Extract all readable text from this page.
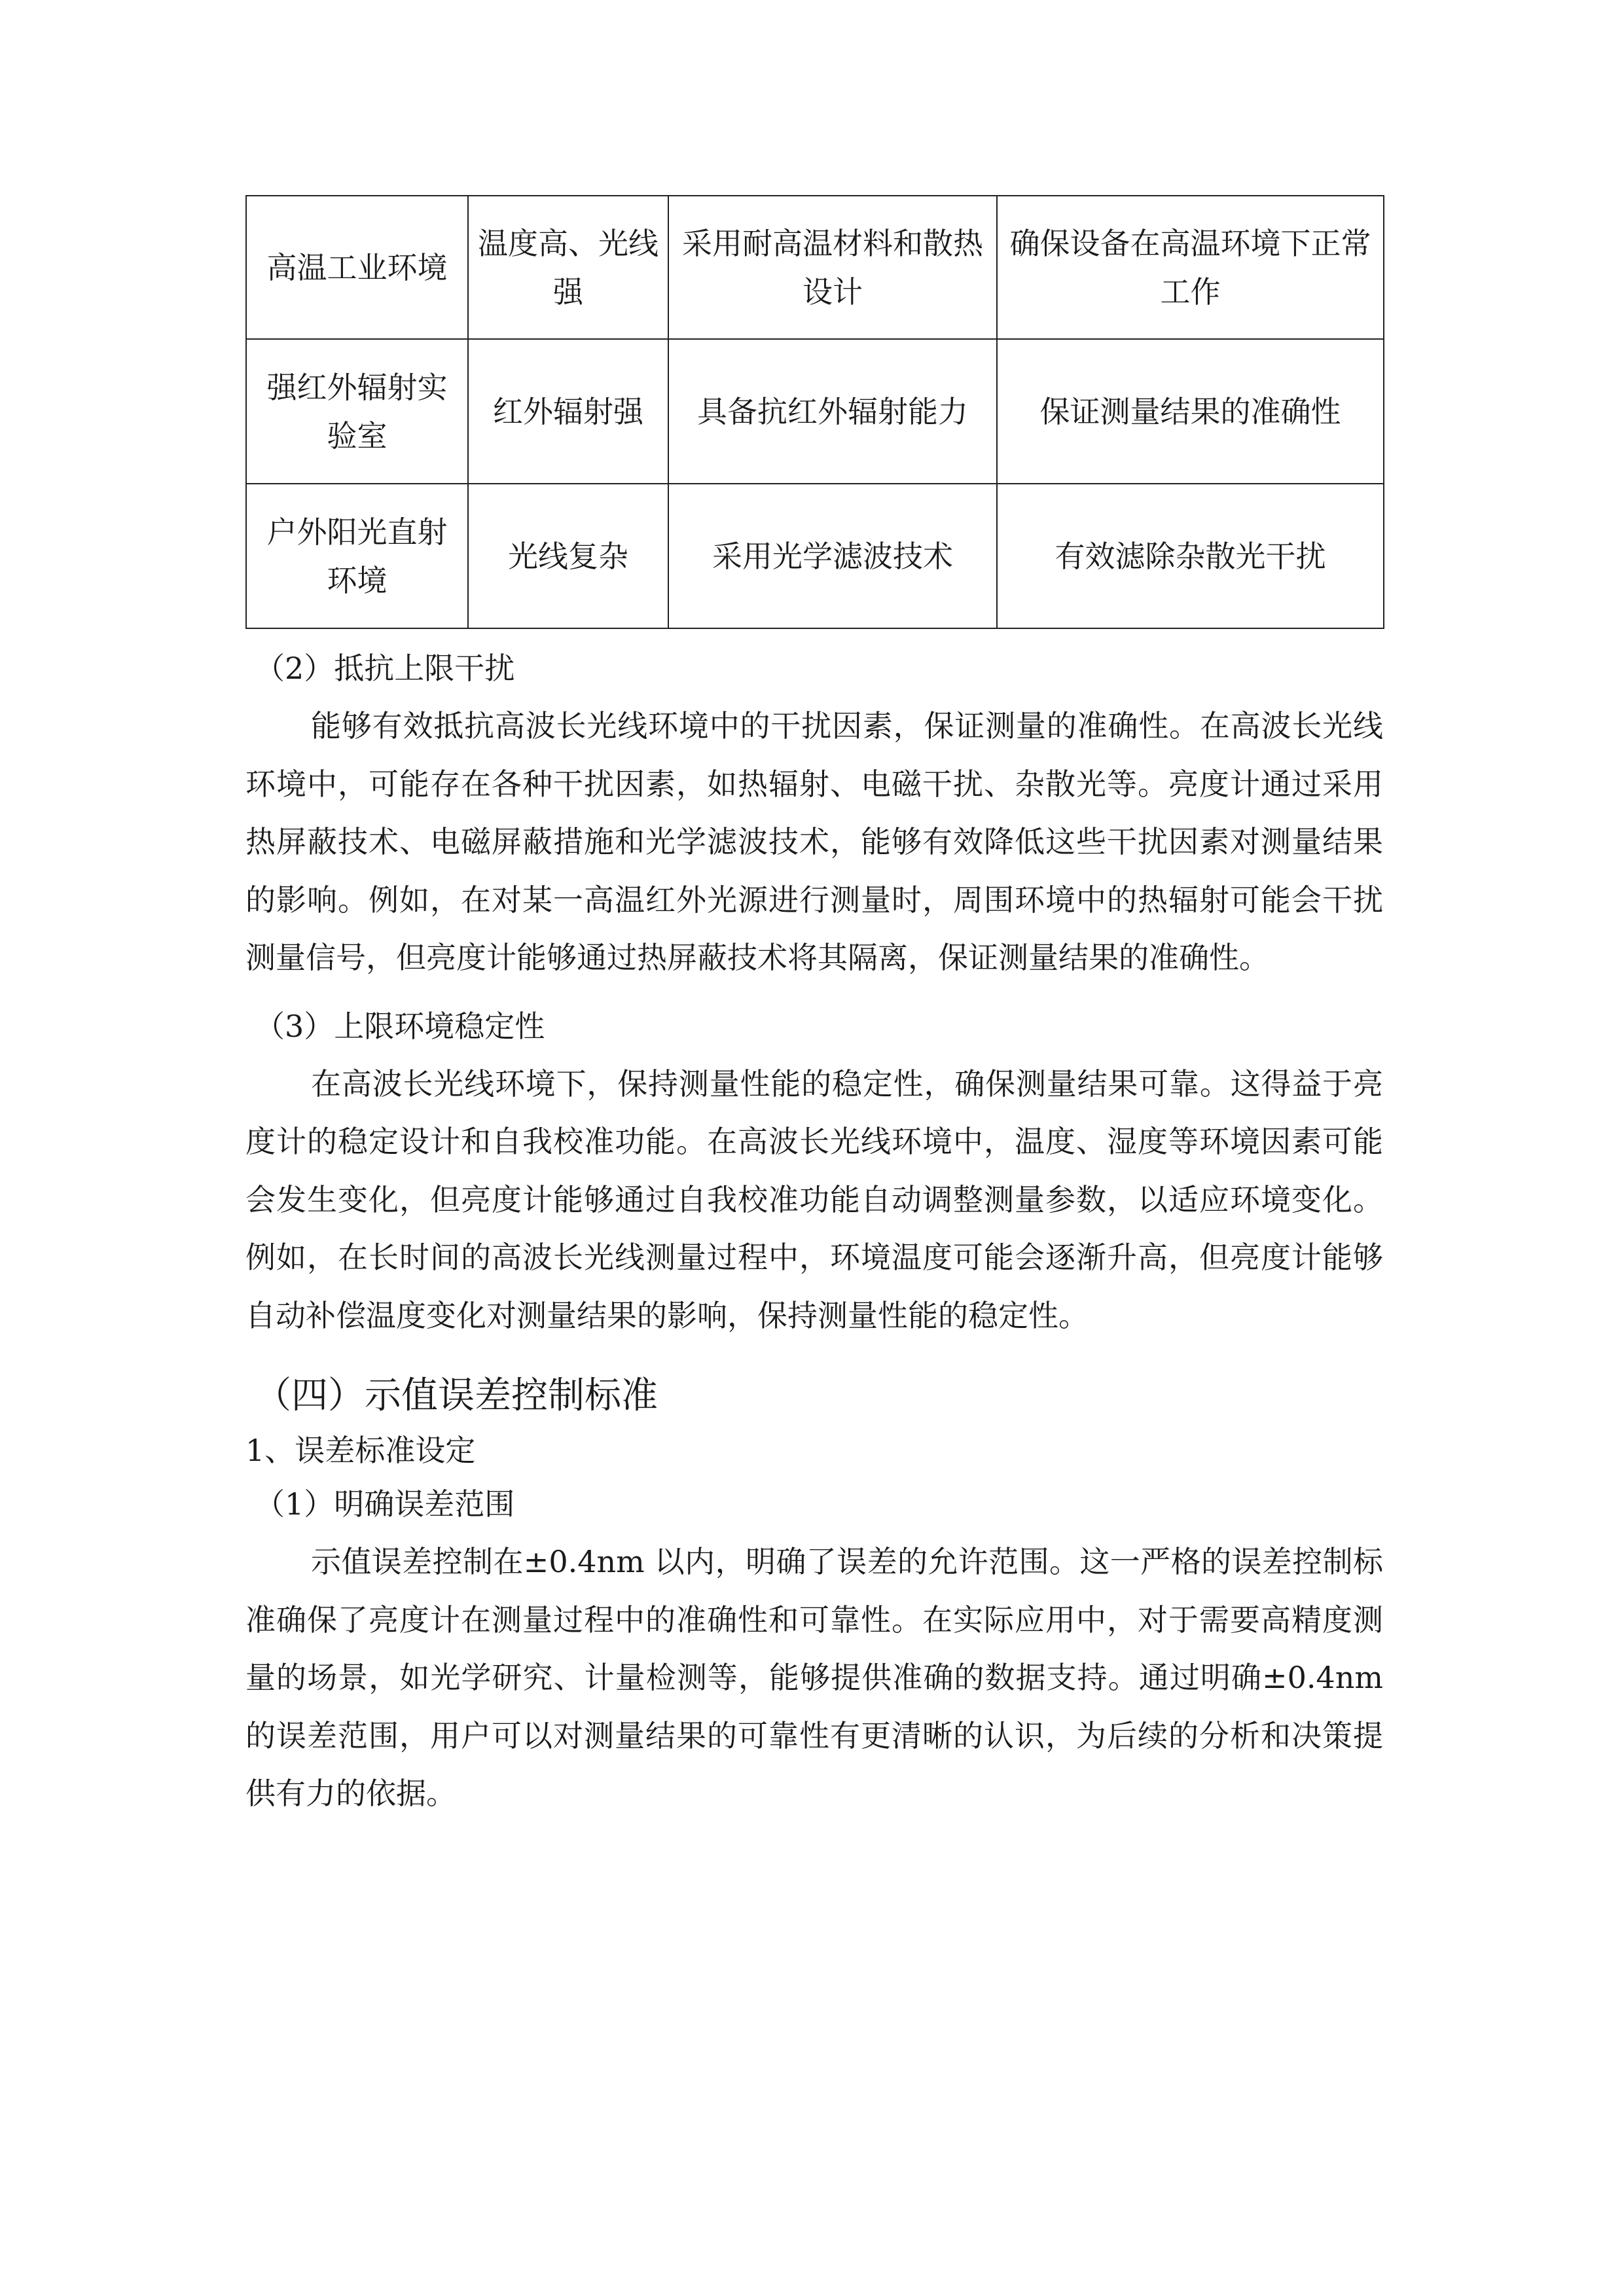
高温工业环境	温度高、光线强	采用耐高温材料和散热设计	确保设备在高温环境下正常工作
强红外辐射实验室	红外辐射强	具备抗红外辐射能力	保证测量结果的准确性
户外阳光直射环境	光线复杂	采用光学滤波技术	有效滤除杂散光干扰
（2）抵抗上限干扰

能够有效抵抗高波长光线环境中的干扰因素，保证测量的准确性。在高波长光线环境中，可能存在各种干扰因素，如热辐射、电磁干扰、杂散光等。亮度计通过采用热屏蔽技术、电磁屏蔽措施和光学滤波技术，能够有效降低这些干扰因素对测量结果的影响。例如，在对某一高温红外光源进行测量时，周围环境中的热辐射可能会干扰测量信号，但亮度计能够通过热屏蔽技术将其隔离，保证测量结果的准确性。

（3）上限环境稳定性

在高波长光线环境下，保持测量性能的稳定性，确保测量结果可靠。这得益于亮度计的稳定设计和自我校准功能。在高波长光线环境中，温度、湿度等环境因素可能会发生变化，但亮度计能够通过自我校准功能自动调整测量参数，以适应环境变化。例如，在长时间的高波长光线测量过程中，环境温度可能会逐渐升高，但亮度计能够自动补偿温度变化对测量结果的影响，保持测量性能的稳定性。

（四）示值误差控制标准
1、误差标准设定
（1）明确误差范围

示值误差控制在±0.4nm 以内，明确了误差的允许范围。这一严格的误差控制标准确保了亮度计在测量过程中的准确性和可靠性。在实际应用中，对于需要高精度测量的场景，如光学研究、计量检测等，能够提供准确的数据支持。通过明确±0.4nm 的误差范围，用户可以对测量结果的可靠性有更清晰的认识，为后续的分析和决策提供有力的依据。
